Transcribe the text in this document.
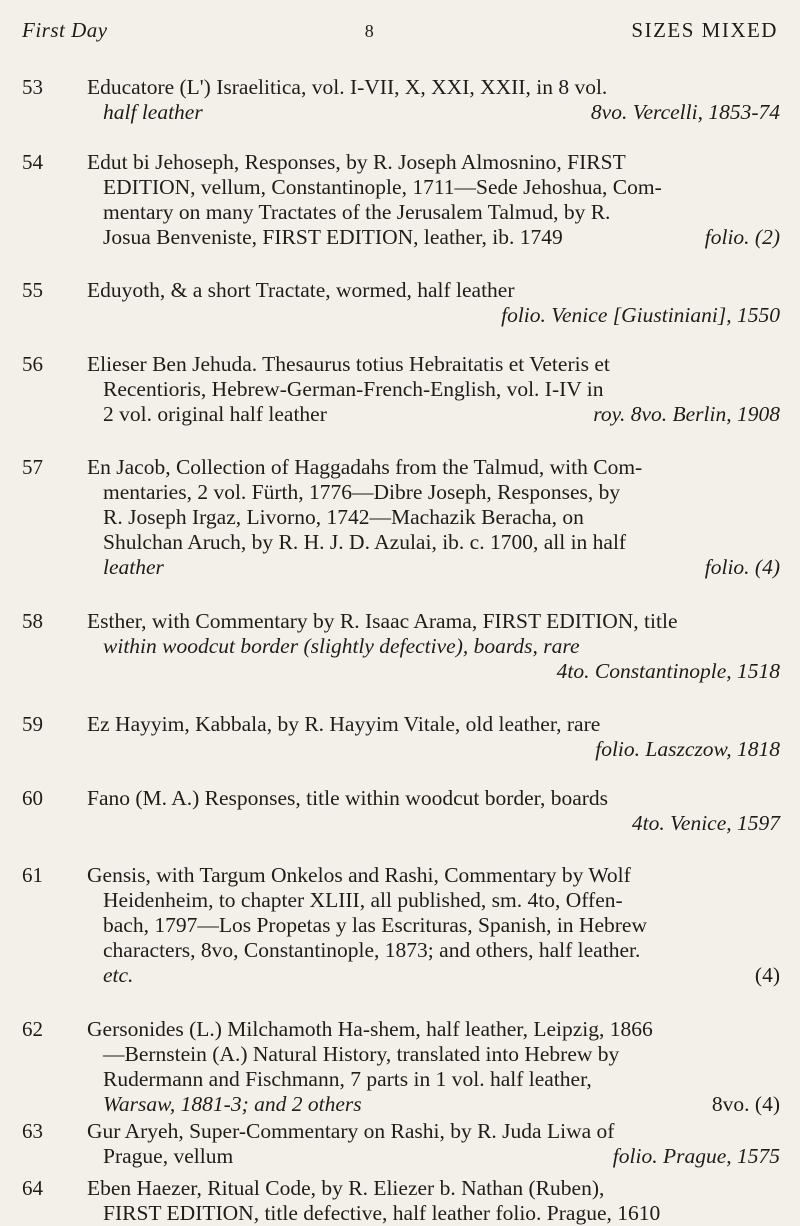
First Day	8	SIZES MIXED
53	Educatore (L') Israelitica, vol. I-VII, X, XXI, XXII, in 8 vol.
half leather	8vo. Vercelli, 1853-74
54	Edut bi Jehoseph, Responses, by R. Joseph Almosnino, FIRST
EDITION, vellum, Constantinople, 1711—Sede Jehoshua, Com-
mentary on many Tractates of the Jerusalem Talmud, by R.
Josua Benveniste, FIRST EDITION, leather, ib. 1749	folio. (2)
55	Eduyoth, & a short Tractate, wormed, half leather
folio. Venice [Giustiniani], 1550
56	Elieser Ben Jehuda. Thesaurus totius Hebraitatis et Veteris et
Recentioris, Hebrew-German-French-English, vol. I-IV in
2 vol. original half leather	roy. 8vo. Berlin, 1908
57	En Jacob, Collection of Haggadahs from the Talmud, with Com-
mentaries, 2 vol. Fürth, 1776—Dibre Joseph, Responses, by
R. Joseph Irgaz, Livorno, 1742—Machazik Beracha, on
Shulchan Aruch, by R. H. J. D. Azulai, ib. c. 1700, all in half
leather	folio. (4)
58	Esther, with Commentary by R. Isaac Arama, FIRST EDITION, title
within woodcut border (slightly defective), boards, rare
4to. Constantinople, 1518
59	Ez Hayyim, Kabbala, by R. Hayyim Vitale, old leather, rare
folio. Laszczow, 1818
60	Fano (M. A.) Responses, title within woodcut border, boards
4to. Venice, 1597
61	Gensis, with Targum Onkelos and Rashi, Commentary by Wolf
Heidenheim, to chapter XLIII, all published, sm. 4to, Offen-
bach, 1797—Los Propetas y las Escrituras, Spanish, in Hebrew
characters, 8vo, Constantinople, 1873; and others, half leather.
etc.	(4)
62	Gersonides (L.) Milchamoth Ha-shem, half leather, Leipzig, 1866
—Bernstein (A.) Natural History, translated into Hebrew by
Rudermann and Fischmann, 7 parts in 1 vol. half leather,
Warsaw, 1881-3; and 2 others	8vo. (4)
63	Gur Aryeh, Super-Commentary on Rashi, by R. Juda Liwa of
Prague, vellum	folio. Prague, 1575
64	Eben Haezer, Ritual Code, by R. Eliezer b. Nathan (Ruben),
FIRST EDITION, title defective, half leather folio. Prague, 1610
